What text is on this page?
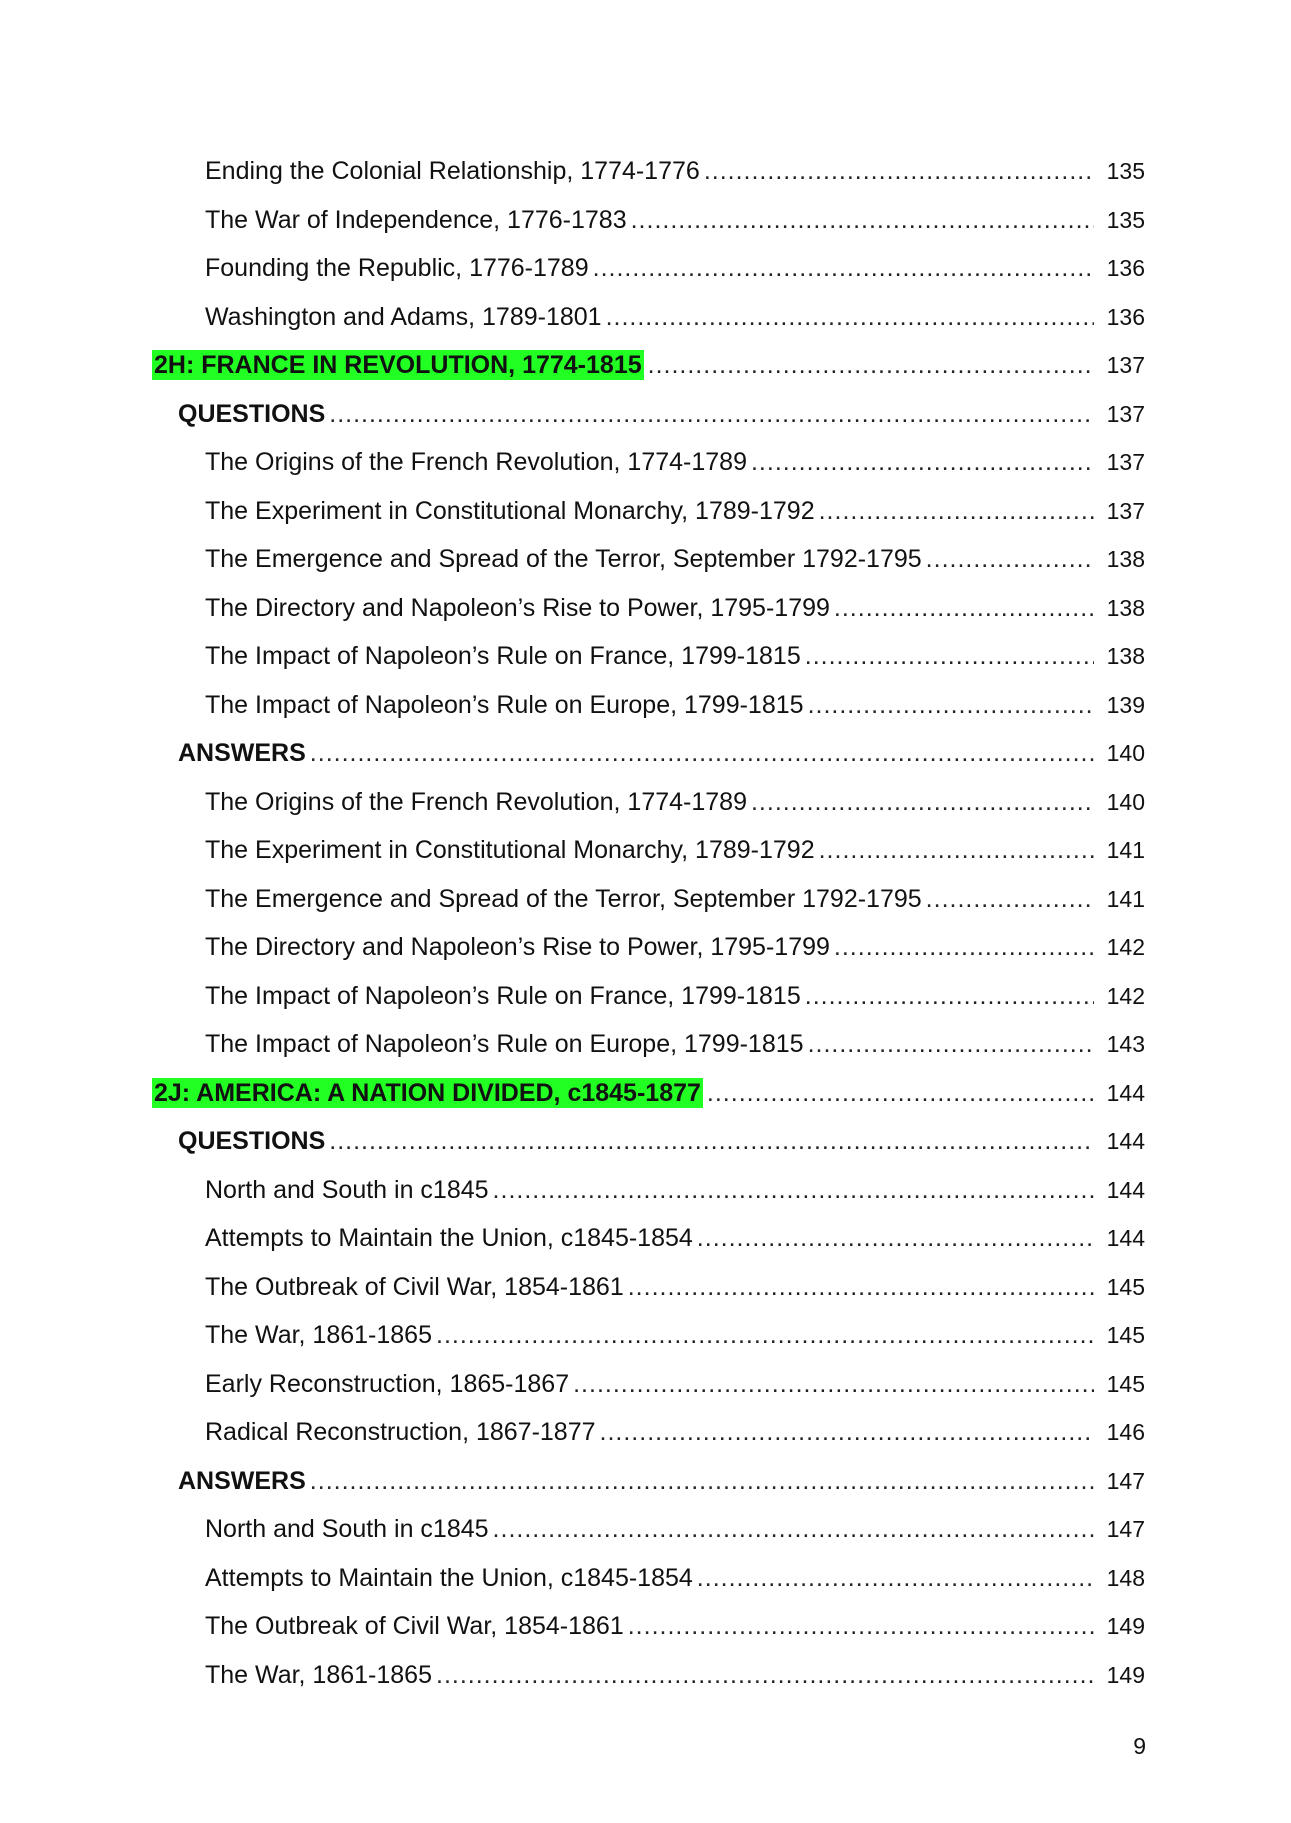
Ending the Colonial Relationship, 1774-1776 .....	135
The War of Independence, 1776-1783 .....	135
Founding the Republic, 1776-1789 .....	136
Washington and Adams, 1789-1801 .....	136
2H: FRANCE IN REVOLUTION, 1774-1815 .....	137
QUESTIONS .....	137
The Origins of the French Revolution, 1774-1789 .....	137
The Experiment in Constitutional Monarchy, 1789-1792 .....	137
The Emergence and Spread of the Terror, September 1792-1795 .....	138
The Directory and Napoleon’s Rise to Power, 1795-1799 .....	138
The Impact of Napoleon’s Rule on France, 1799-1815 .....	138
The Impact of Napoleon’s Rule on Europe, 1799-1815 .....	139
ANSWERS .....	140
The Origins of the French Revolution, 1774-1789 .....	140
The Experiment in Constitutional Monarchy, 1789-1792 .....	141
The Emergence and Spread of the Terror, September 1792-1795 .....	141
The Directory and Napoleon’s Rise to Power, 1795-1799 .....	142
The Impact of Napoleon’s Rule on France, 1799-1815 .....	142
The Impact of Napoleon’s Rule on Europe, 1799-1815 .....	143
2J: AMERICA: A NATION DIVIDED, c1845-1877 .....	144
QUESTIONS .....	144
North and South in c1845 .....	144
Attempts to Maintain the Union, c1845-1854 .....	144
The Outbreak of Civil War, 1854-1861 .....	145
The War, 1861-1865 .....	145
Early Reconstruction, 1865-1867 .....	145
Radical Reconstruction, 1867-1877 .....	146
ANSWERS .....	147
North and South in c1845 .....	147
Attempts to Maintain the Union, c1845-1854 .....	148
The Outbreak of Civil War, 1854-1861 .....	149
The War, 1861-1865 .....	149
9
